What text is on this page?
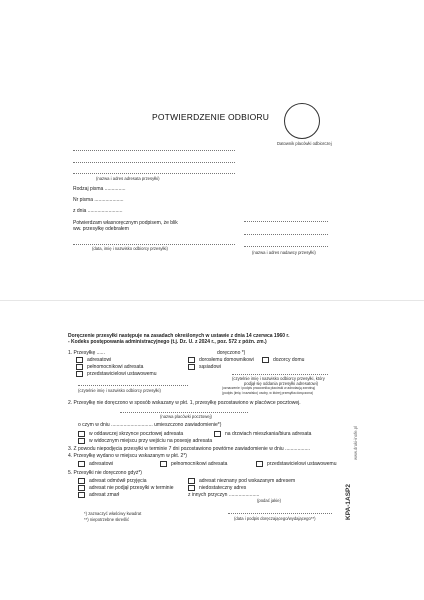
POTWIERDZENIE ODBIORU
Datownik placówki odbiorczej
(nazwa i adres adresata przesyłki)
Rodzaj pisma ...............
Nr pisma .....................
z dnia .........................
Potwierdzam własnoręcznym podpisem, że blik
ww. przesyłkę odebrałem
(data, imię i nazwisko odbiorcy przesyłki)
(nazwa i adres nadawcy przesyłki)
Doręczenie przesyłki następuje na zasadach określonych w ustawie z dnia 14 czerwca 1960 r.
- Kodeks postępowania administracyjnego (t.j. Dz. U. z 2024 r., poz. 572 z późn. zm.)
1. Przesyłkę ......	doręczono *)
adresatowi	dorosłemu domownikowi	dozorcy domu
pełnomocnikowi adresata	sąsiadowi
przedstawicielowi ustawowemu
(czytelnie imię i nazwisko odbiorcy przesyłki)
(czytelnie imię i nazwisko odbiorcy przesyłki, który
podjął się oddania przesyłki adresatowi)
(oznaczenie i podpis pracownika placówki w adnotacją zwrotną)
(podpis (imię i nazwisko) osoby, w której przesyłka doręczona)
2. Przesyłkę nie doręczono w sposób wskazany w pkt. 1, przesyłkę pozostawiono w placówce pocztowej.
(nazwa placówki pocztowej)
o czym w dniu .............................. umieszczono zawiadomienie*)
w oddawczej skrzynce pocztowej adresata	na drzwiach mieszkania/biura adresata
w widocznym miejscu przy wejściu na posesję adresata
3. Z powodu niepodjęcia przesyłki w terminie 7 dni pozostawiono powtórne zawiadomienie w dniu ..................
4. Przesyłkę wydano w miejscu wskazanym w pkt. 2*)
adresatowi	pełnomocnikowi adresata	przedstawicielowi ustawowemu
5. Przesyłki nie doręczono gdyż*)
adresat odmówił przyjęcia
adresat nie podjął przesyłki w terminie
adresat zmarł
adresat nieznany pod wskazanym adresem
niedostateczny adres
z innych przyczyn ......................
(podać jakie)
*) zaznaczyć właściwy kwadrat
**) niepotrzebne skreślić	(data i podpis doręczającego/wydającego**)	KPA-1ASP2
www.druki-inofe.pl
